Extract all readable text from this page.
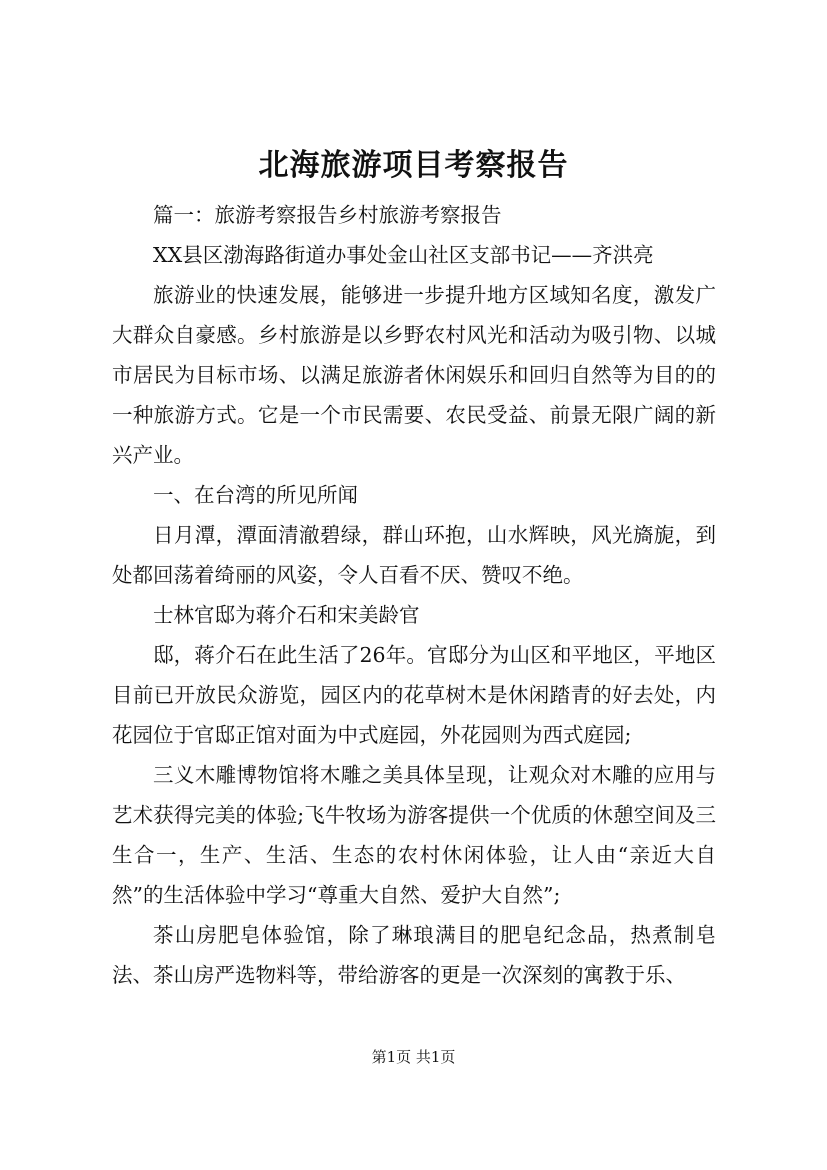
北海旅游项目考察报告

篇一：旅游考察报告乡村旅游考察报告

XX县区渤海路街道办事处金山社区支部书记——齐洪亮

旅游业的快速发展，能够进一步提升地方区域知名度，激发广大群众自豪感。乡村旅游是以乡野农村风光和活动为吸引物、以城市居民为目标市场、以满足旅游者休闲娱乐和回归自然等为目的的一种旅游方式。它是一个市民需要、农民受益、前景无限广阔的新兴产业。

一、在台湾的所见所闻

日月潭，潭面清澈碧绿，群山环抱，山水辉映，风光旖旎，到处都回荡着绮丽的风姿，令人百看不厌、赞叹不绝。

士林官邸为蒋介石和宋美龄官

邸，蒋介石在此生活了26年。官邸分为山区和平地区，平地区目前已开放民众游览，园区内的花草树木是休闲踏青的好去处，内花园位于官邸正馆对面为中式庭园，外花园则为西式庭园;

三义木雕博物馆将木雕之美具体呈现，让观众对木雕的应用与艺术获得完美的体验;飞牛牧场为游客提供一个优质的休憩空间及三生合一，生产、生活、生态的农村休闲体验，让人由“亲近大自然”的生活体验中学习“尊重大自然、爱护大自然”;

茶山房肥皂体验馆，除了琳琅满目的肥皂纪念品，热煮制皂法、茶山房严选物料等，带给游客的更是一次深刻的寓教于乐、

第1页 共1页
